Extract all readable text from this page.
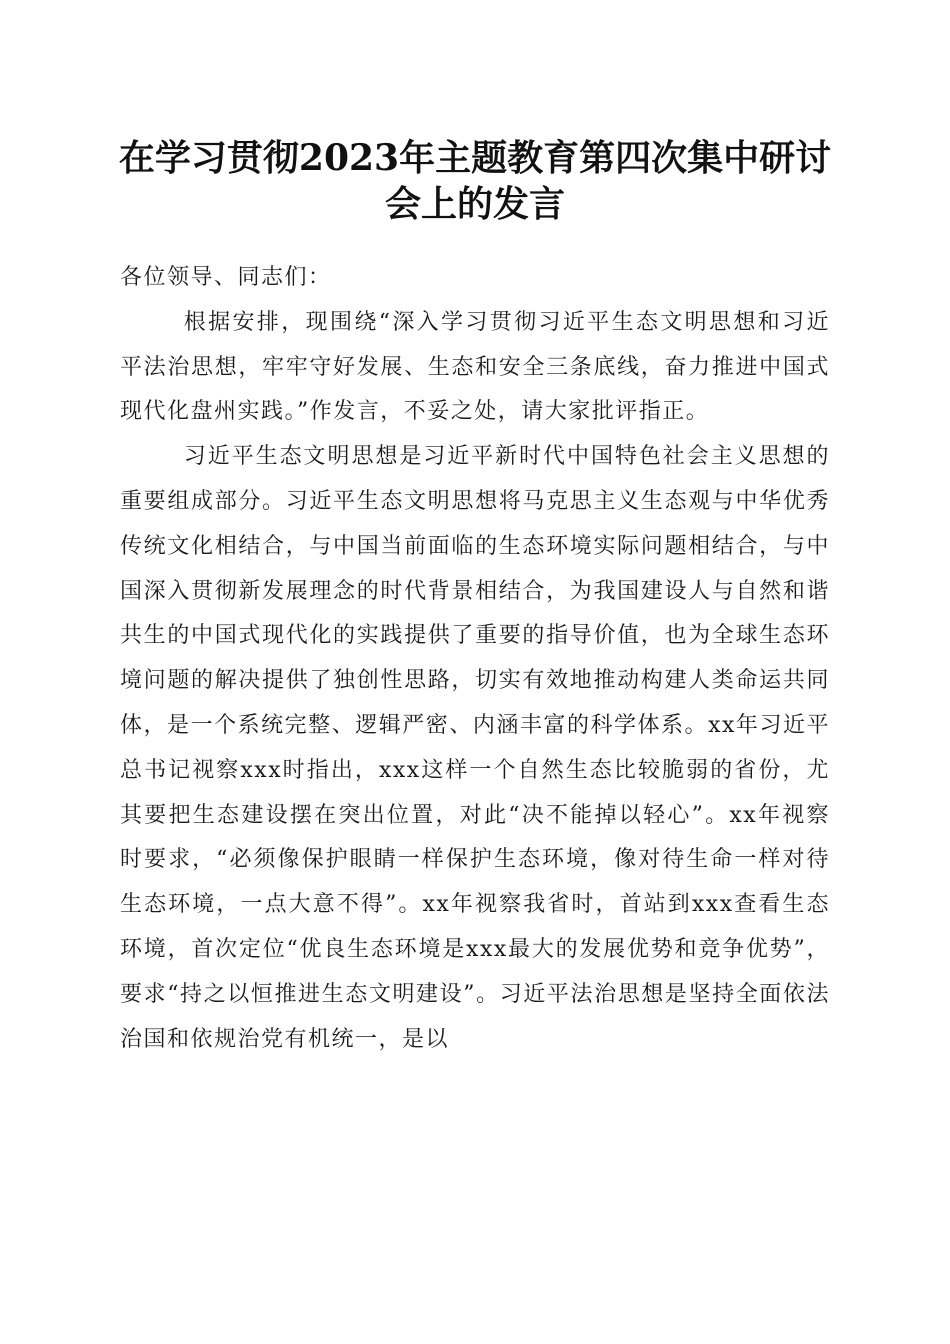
在学习贯彻2023年主题教育第四次集中研讨
会上的发言

各位领导、同志们：

根据安排，现围绕“深入学习贯彻习近平生态文明思想和习近平法治思想，牢牢守好发展、生态和安全三条底线，奋力推进中国式现代化盘州实践。”作发言，不妥之处，请大家批评指正。

习近平生态文明思想是习近平新时代中国特色社会主义思想的重要组成部分。习近平生态文明思想将马克思主义生态观与中华优秀传统文化相结合，与中国当前面临的生态环境实际问题相结合，与中国深入贯彻新发展理念的时代背景相结合，为我国建设人与自然和谐共生的中国式现代化的实践提供了重要的指导价值，也为全球生态环境问题的解决提供了独创性思路，切实有效地推动构建人类命运共同体，是一个系统完整、逻辑严密、内涵丰富的科学体系。xx年习近平总书记视察xxx时指出，xxx这样一个自然生态比较脆弱的省份，尤其要把生态建设摆在突出位置，对此“决不能掉以轻心”。xx年视察时要求，“必须像保护眼睛一样保护生态环境，像对待生命一样对待生态环境，一点大意不得”。xx年视察我省时，首站到xxx查看生态环境，首次定位“优良生态环境是xxx最大的发展优势和竞争优势”，要求“持之以恒推进生态文明建设”。习近平法治思想是坚持全面依法治国和依规治党有机统一，是以
